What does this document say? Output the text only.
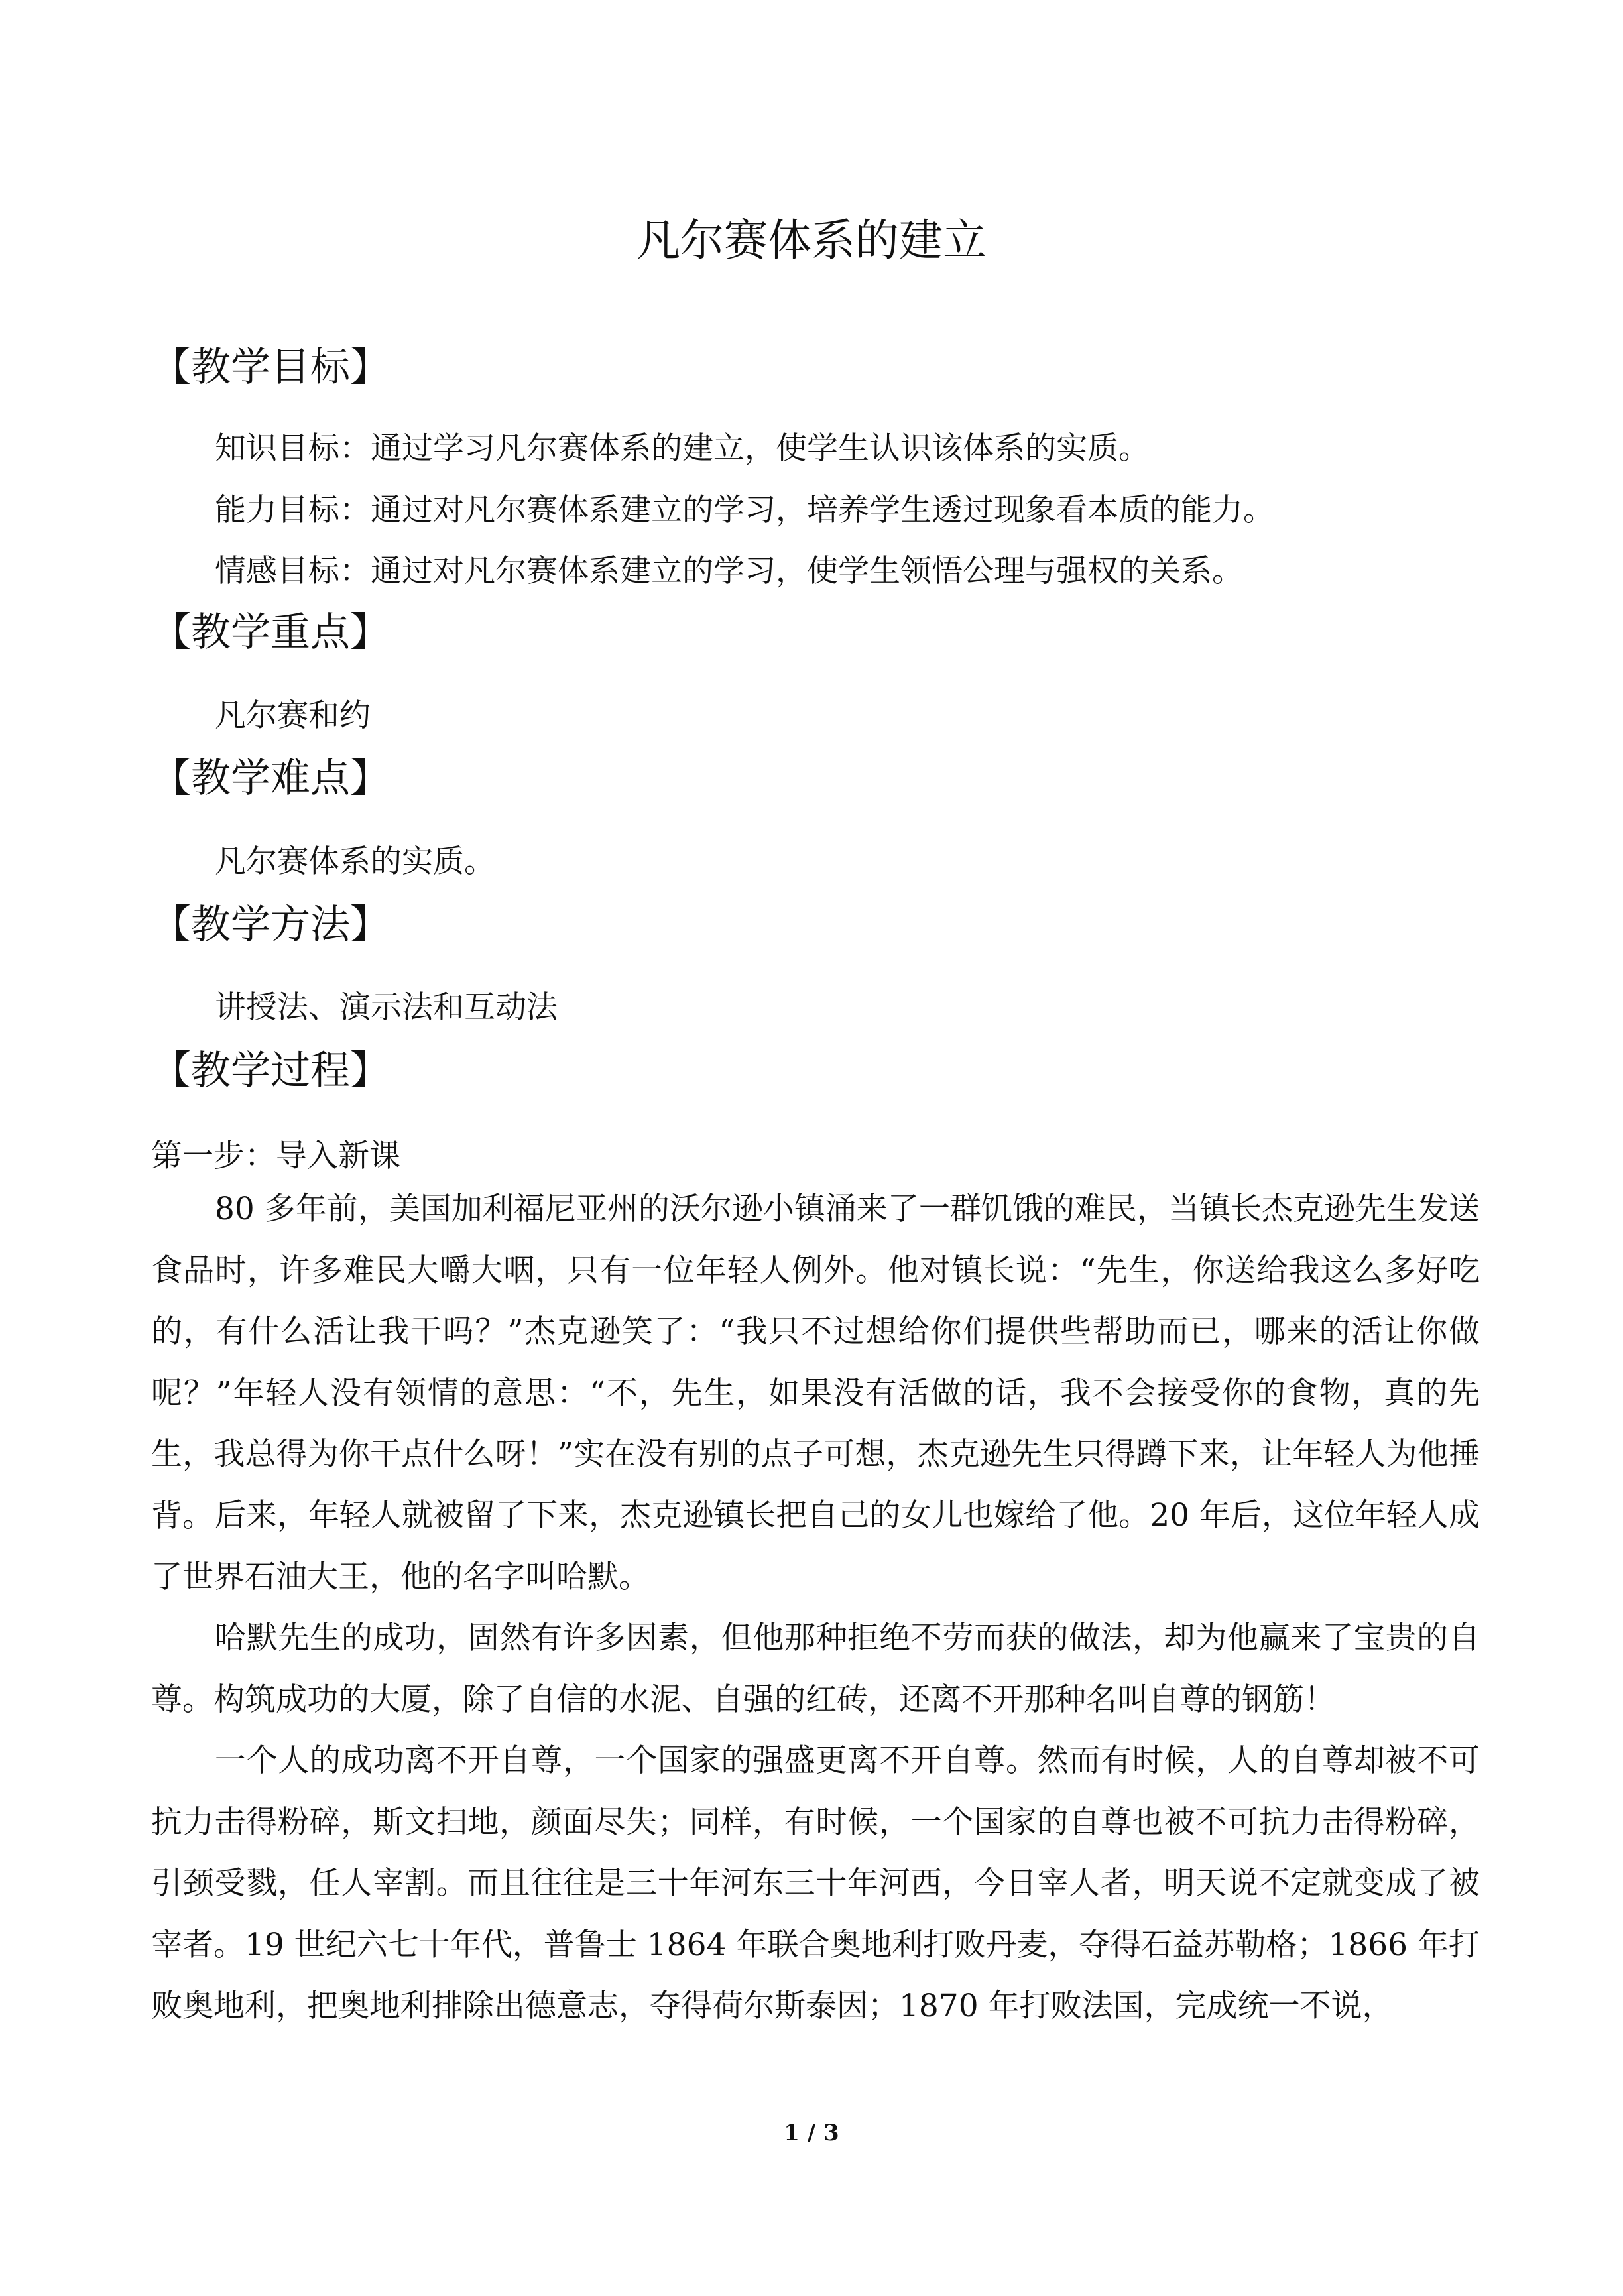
凡尔赛体系的建立
【教学目标】
知识目标：通过学习凡尔赛体系的建立，使学生认识该体系的实质。
能力目标：通过对凡尔赛体系建立的学习，培养学生透过现象看本质的能力。
情感目标：通过对凡尔赛体系建立的学习，使学生领悟公理与强权的关系。
【教学重点】
凡尔赛和约
【教学难点】
凡尔赛体系的实质。
【教学方法】
讲授法、演示法和互动法
【教学过程】
第一步：导入新课

80 多年前，美国加利福尼亚州的沃尔逊小镇涌来了一群饥饿的难民，当镇长杰克逊先生发送食品时，许多难民大嚼大咽，只有一位年轻人例外。他对镇长说：“先生，你送给我这么多好吃的，有什么活让我干吗？”杰克逊笑了：“我只不过想给你们提供些帮助而已，哪来的活让你做呢？”年轻人没有领情的意思：“不，先生，如果没有活做的话，我不会接受你的食物，真的先生，我总得为你干点什么呀！”实在没有别的点子可想，杰克逊先生只得蹲下来，让年轻人为他捶背。 后来，年轻人就被留了下来，杰克逊镇长把自己的女儿也嫁给了他。20 年后，这位年轻人成了世界石油大王，他的名字叫哈默。

哈默先生的成功，固然有许多因素，但他那种拒绝不劳而获的做法，却为他赢来了宝贵的自尊。构筑成功的大厦，除了自信的水泥、自强的红砖，还离不开那种名叫自尊的钢筋！

一个人的成功离不开自尊，一个国家的强盛更离不开自尊。然而有时候，人的自尊却被不可抗力击得粉碎，斯文扫地，颜面尽失；同样，有时候，一个国家的自尊也被不可抗力击得粉碎，引颈受戮，任人宰割。而且往往是三十年河东三十年河西，今日宰人者，明天说不定就变成了被宰者。19 世纪六七十年代，普鲁士 1864 年联合奥地利打败丹麦，夺得石益苏勒格；1866 年打败奥地利，把奥地利排除出德意志，夺得荷尔斯泰因；1870 年打败法国，完成统一不说，

1 / 3
